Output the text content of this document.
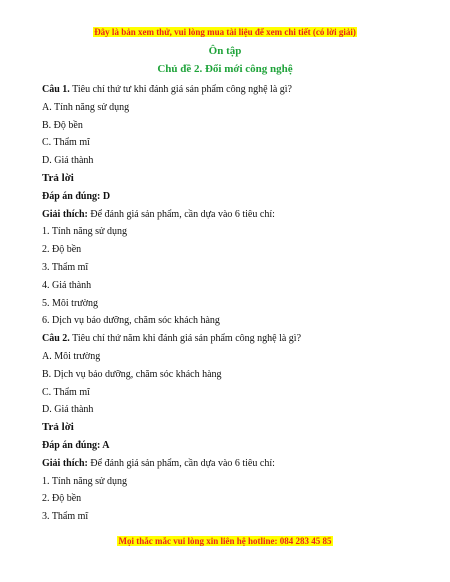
Đây là bản xem thử, vui lòng mua tài liệu để xem chi tiết (có lời giải)
Ôn tập
Chủ đề 2. Đổi mới công nghệ
Câu 1. Tiêu chí thứ tư khi đánh giá sản phẩm công nghệ là gì?
A. Tính năng sử dụng
B. Độ bền
C. Thẩm mĩ
D. Giá thành
Trả lời
Đáp án đúng: D
Giải thích: Để đánh giá sản phẩm, cần dựa vào 6 tiêu chí:
1. Tính năng sử dụng
2. Độ bền
3. Thẩm mĩ
4. Giá thành
5. Môi trường
6. Dịch vụ bảo dưỡng, chăm sóc khách hàng
Câu 2. Tiêu chí thứ năm khi đánh giá sản phẩm công nghệ là gì?
A. Môi trường
B. Dịch vụ bảo dưỡng, chăm sóc khách hàng
C. Thẩm mĩ
D. Giá thành
Trả lời
Đáp án đúng: A
Giải thích: Để đánh giá sản phẩm, cần dựa vào 6 tiêu chí:
1. Tính năng sử dụng
2. Độ bền
3. Thẩm mĩ
Mọi thắc mắc vui lòng xin liên hệ hotline: 084 283 45 85
